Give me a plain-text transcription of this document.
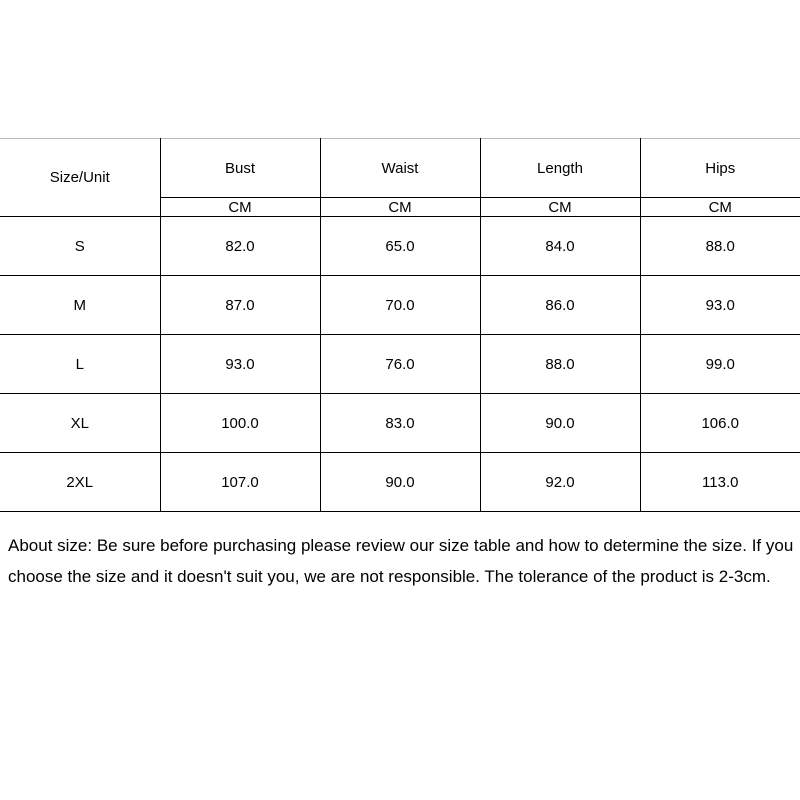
Size/Unit	Bust	Waist	Length	Hips
	CM	CM	CM	CM
S	82.0	65.0	84.0	88.0
M	87.0	70.0	86.0	93.0
L	93.0	76.0	88.0	99.0
XL	100.0	83.0	90.0	106.0
2XL	107.0	90.0	92.0	113.0

About size: Be sure before purchasing please review our size table and how to determine the size. If you choose the size and it doesn't suit you, we are not responsible. The tolerance of the product is 2-3cm.
